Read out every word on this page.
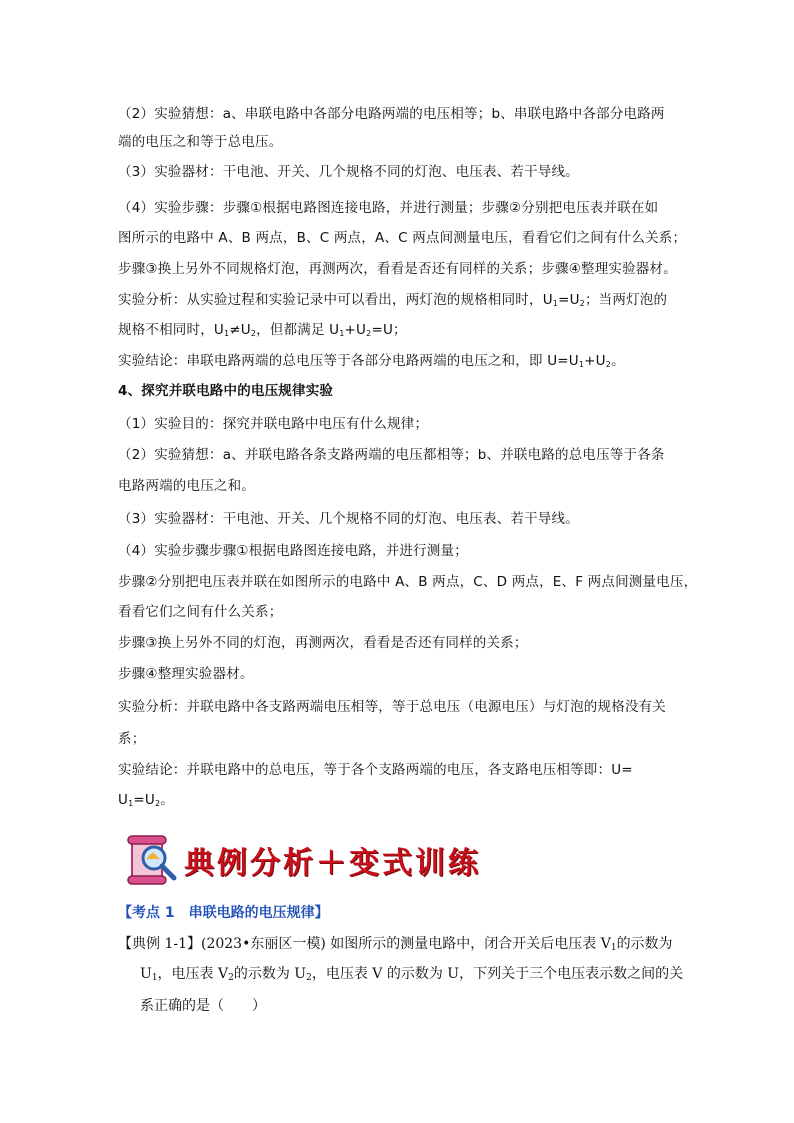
（2）实验猜想：a、串联电路中各部分电路两端的电压相等；b、串联电路中各部分电路两
端的电压之和等于总电压。
（3）实验器材：干电池、开关、几个规格不同的灯泡、电压表、若干导线。
（4）实验步骤：步骤①根据电路图连接电路，并进行测量；步骤②分别把电压表并联在如
图所示的电路中 A、B 两点，B、C 两点，A、C 两点间测量电压，看看它们之间有什么关系；
步骤③换上另外不同规格灯泡，再测两次，看看是否还有同样的关系；步骤④整理实验器材。
实验分析：从实验过程和实验记录中可以看出，两灯泡的规格相同时，$U_1=U_2$；当两灯泡的
规格不相同时，$U_1\ne U_2$，但都满足 $U_1+U_2=U$；
实验结论：串联电路两端的总电压等于各部分电路两端的电压之和，即 $U=U_1+U_2$。
4、探究并联电路中的电压规律实验
（1）实验目的：探究并联电路中电压有什么规律；
（2）实验猜想：a、并联电路各条支路两端的电压都相等；b、并联电路的总电压等于各条
电路两端的电压之和。
（3）实验器材：干电池、开关、几个规格不同的灯泡、电压表、若干导线。
（4）实验步骤步骤①根据电路图连接电路，并进行测量；
步骤②分别把电压表并联在如图所示的电路中 A、B 两点，C、D 两点，E、F 两点间测量电压，
看看它们之间有什么关系；
步骤③换上另外不同的灯泡，再测两次，看看是否还有同样的关系；
步骤④整理实验器材。
实验分析：并联电路中各支路两端电压相等，等于总电压（电源电压）与灯泡的规格没有关
系；
实验结论：并联电路中的总电压，等于各个支路两端的电压，各支路电压相等即：U=
$U_1=U_2$。
典例分析＋变式训练
【考点 1　串联电路的电压规律】
【典例 1-1】(2023•东丽区一模) 如图所示的测量电路中，闭合开关后电压表 $V_1$的示数为
$U_1$，电压表 $V_2$的示数为 $U_2$，电压表 V 的示数为 U，下列关于三个电压表示数之间的关
系正确的是（　　）
